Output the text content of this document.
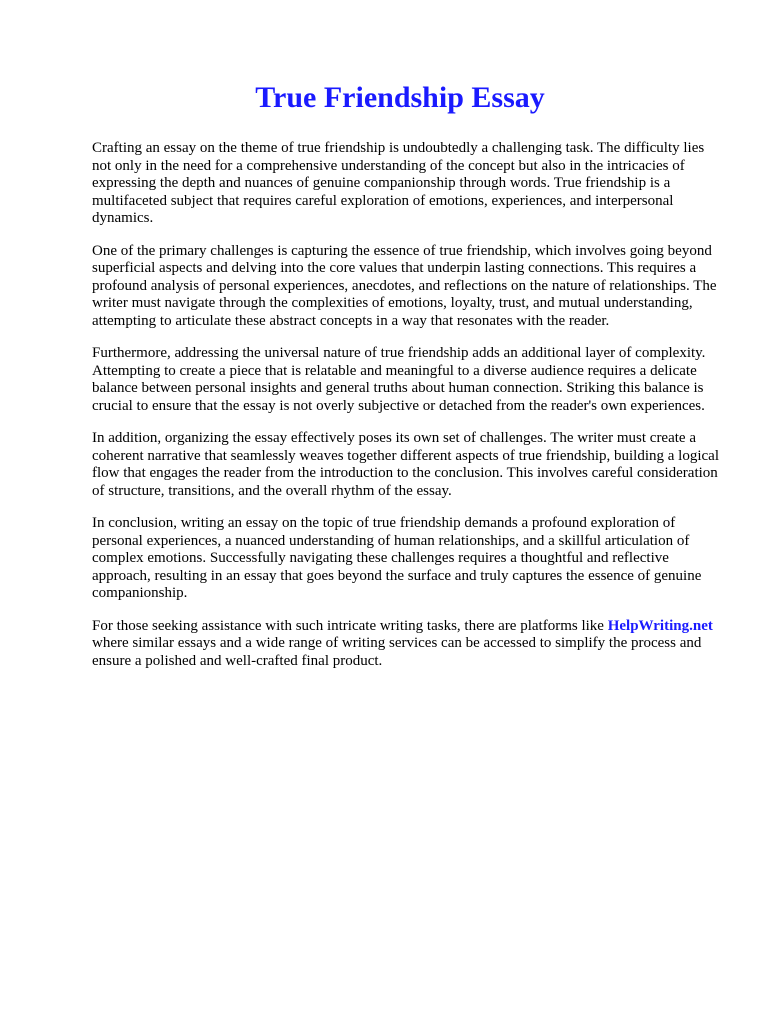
True Friendship Essay

Crafting an essay on the theme of true friendship is undoubtedly a challenging task. The difficulty lies not only in the need for a comprehensive understanding of the concept but also in the intricacies of expressing the depth and nuances of genuine companionship through words. True friendship is a multifaceted subject that requires careful exploration of emotions, experiences, and interpersonal dynamics.

One of the primary challenges is capturing the essence of true friendship, which involves going beyond superficial aspects and delving into the core values that underpin lasting connections. This requires a profound analysis of personal experiences, anecdotes, and reflections on the nature of relationships. The writer must navigate through the complexities of emotions, loyalty, trust, and mutual understanding, attempting to articulate these abstract concepts in a way that resonates with the reader.

Furthermore, addressing the universal nature of true friendship adds an additional layer of complexity. Attempting to create a piece that is relatable and meaningful to a diverse audience requires a delicate balance between personal insights and general truths about human connection. Striking this balance is crucial to ensure that the essay is not overly subjective or detached from the reader's own experiences.

In addition, organizing the essay effectively poses its own set of challenges. The writer must create a coherent narrative that seamlessly weaves together different aspects of true friendship, building a logical flow that engages the reader from the introduction to the conclusion. This involves careful consideration of structure, transitions, and the overall rhythm of the essay.

In conclusion, writing an essay on the topic of true friendship demands a profound exploration of personal experiences, a nuanced understanding of human relationships, and a skillful articulation of complex emotions. Successfully navigating these challenges requires a thoughtful and reflective approach, resulting in an essay that goes beyond the surface and truly captures the essence of genuine companionship.

For those seeking assistance with such intricate writing tasks, there are platforms like HelpWriting.net where similar essays and a wide range of writing services can be accessed to simplify the process and ensure a polished and well-crafted final product.
